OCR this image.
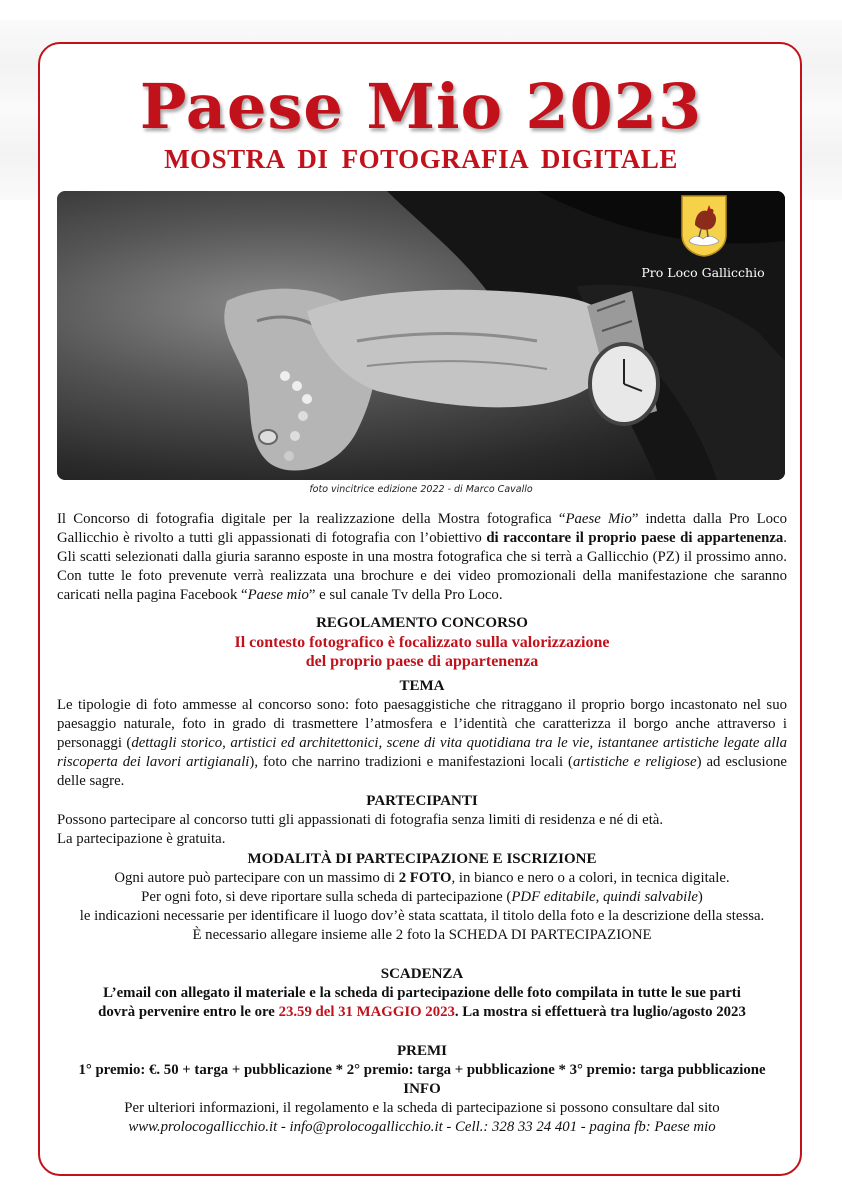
Paese Mio 2023
MOSTRA DI FOTOGRAFIA DIGITALE
Pro Loco Gallicchio
foto vincitrice edizione 2022 - di Marco Cavallo
Il Concorso di fotografia digitale per la realizzazione della Mostra fotografica “Paese Mio” indetta dalla Pro Loco Gallicchio è rivolto a tutti gli appassionati di fotografia con l’obiettivo di raccontare il proprio paese di appartenenza. Gli scatti selezionati dalla giuria saranno esposte in una mostra fotografica che si terrà a Gallicchio (PZ) il prossimo anno. Con tutte le foto prevenute verrà realizzata una brochure e dei video promozionali della manifestazione che saranno caricati nella pagina Facebook “Paese mio” e sul canale Tv della Pro Loco.
REGOLAMENTO CONCORSO
Il contesto fotografico è focalizzato sulla valorizzazione
del proprio paese di appartenenza
TEMA
Le tipologie di foto ammesse al concorso sono: foto paesaggistiche che ritraggano il proprio borgo incastonato nel suo paesaggio naturale, foto in grado di trasmettere l’atmosfera e l’identità che caratterizza il borgo anche attraverso i personaggi (dettagli storico, artistici ed architettonici, scene di vita quotidiana tra le vie, istantanee artistiche legate alla riscoperta dei lavori artigianali), foto che narrino tradizioni e manifestazioni locali (artistiche e religiose) ad esclusione delle sagre.
PARTECIPANTI
Possono partecipare al concorso tutti gli appassionati di fotografia senza limiti di residenza e né di età.
La partecipazione è gratuita.
MODALITÀ DI PARTECIPAZIONE E ISCRIZIONE
Ogni autore può partecipare con un massimo di 2 FOTO, in bianco e nero o a colori, in tecnica digitale.
Per ogni foto, si deve riportare sulla scheda di partecipazione (PDF editabile, quindi salvabile)
le indicazioni necessarie per identificare il luogo dov’è stata scattata, il titolo della foto e la descrizione della stessa.
È necessario allegare insieme alle 2 foto la SCHEDA DI PARTECIPAZIONE
SCADENZA
L’email con allegato il materiale e la scheda di partecipazione delle foto compilata in tutte le sue parti
dovrà pervenire entro le ore 23.59 del 31 MAGGIO 2023. La mostra si effettuerà tra luglio/agosto 2023
PREMI
1° premio: €. 50 + targa + pubblicazione * 2° premio: targa + pubblicazione * 3° premio: targa pubblicazione
INFO
Per ulteriori informazioni, il regolamento e la scheda di partecipazione si possono consultare dal sito
www.prolocogallicchio.it - info@prolocogallicchio.it - Cell.: 328 33 24 401 - pagina fb: Paese mio
